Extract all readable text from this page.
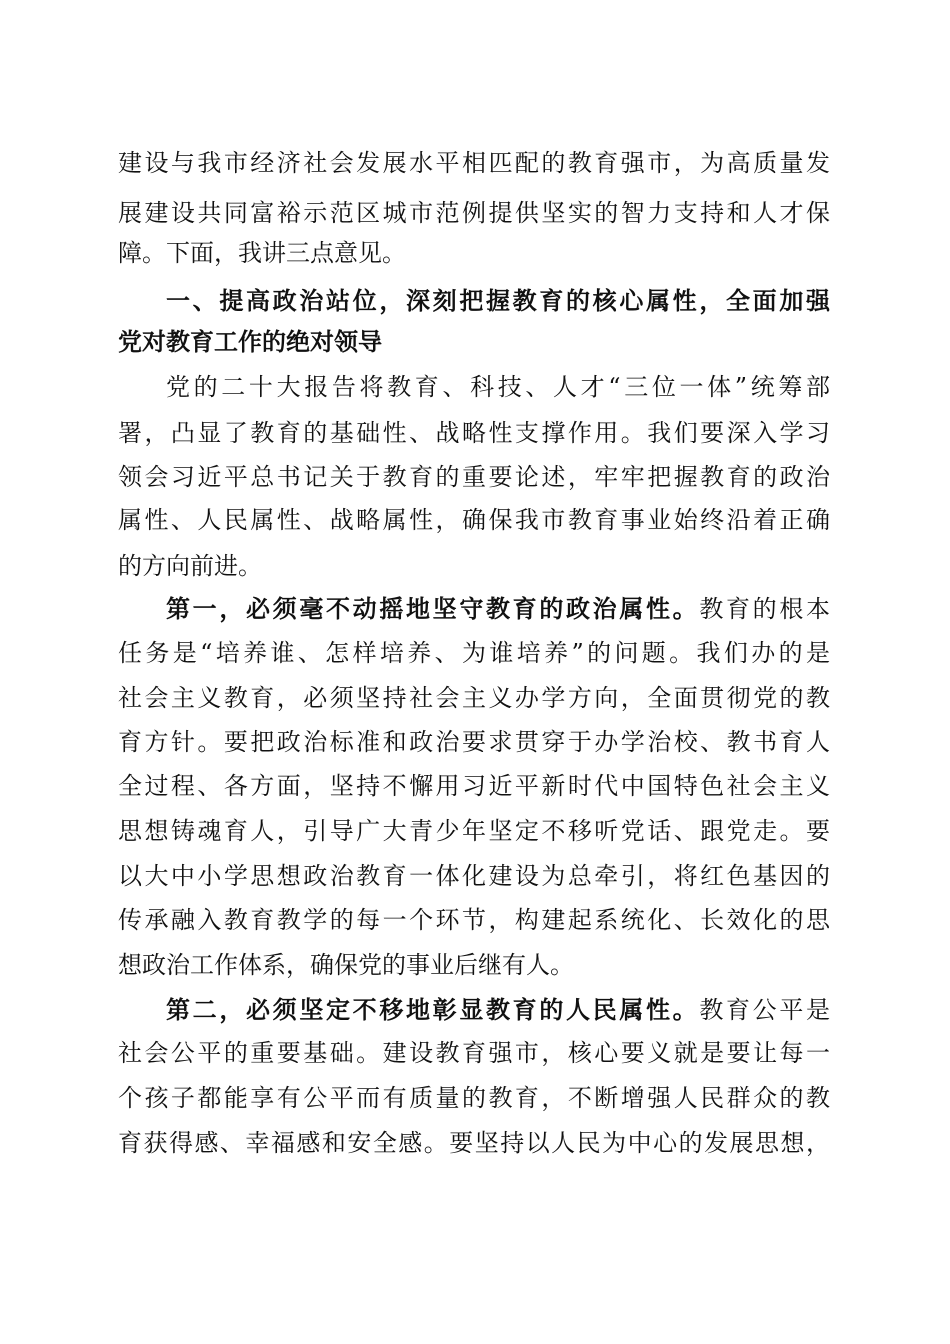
建设与我市经济社会发展水平相匹配的教育强市，为高质量发
展建设共同富裕示范区城市范例提供坚实的智力支持和人才保
障。下面，我讲三点意见。
一、提高政治站位，深刻把握教育的核心属性，全面加强
党对教育工作的绝对领导
党的二十大报告将教育、科技、人才“三位一体”统筹部
署，凸显了教育的基础性、战略性支撑作用。我们要深入学习
领会习近平总书记关于教育的重要论述，牢牢把握教育的政治
属性、人民属性、战略属性，确保我市教育事业始终沿着正确
的方向前进。
第一，必须毫不动摇地坚守教育的政治属性。教育的根本
任务是“培养谁、怎样培养、为谁培养”的问题。我们办的是
社会主义教育，必须坚持社会主义办学方向，全面贯彻党的教
育方针。要把政治标准和政治要求贯穿于办学治校、教书育人
全过程、各方面，坚持不懈用习近平新时代中国特色社会主义
思想铸魂育人，引导广大青少年坚定不移听党话、跟党走。要
以大中小学思想政治教育一体化建设为总牵引，将红色基因的
传承融入教育教学的每一个环节，构建起系统化、长效化的思
想政治工作体系，确保党的事业后继有人。
第二，必须坚定不移地彰显教育的人民属性。教育公平是
社会公平的重要基础。建设教育强市，核心要义就是要让每一
个孩子都能享有公平而有质量的教育，不断增强人民群众的教
育获得感、幸福感和安全感。要坚持以人民为中心的发展思想，
